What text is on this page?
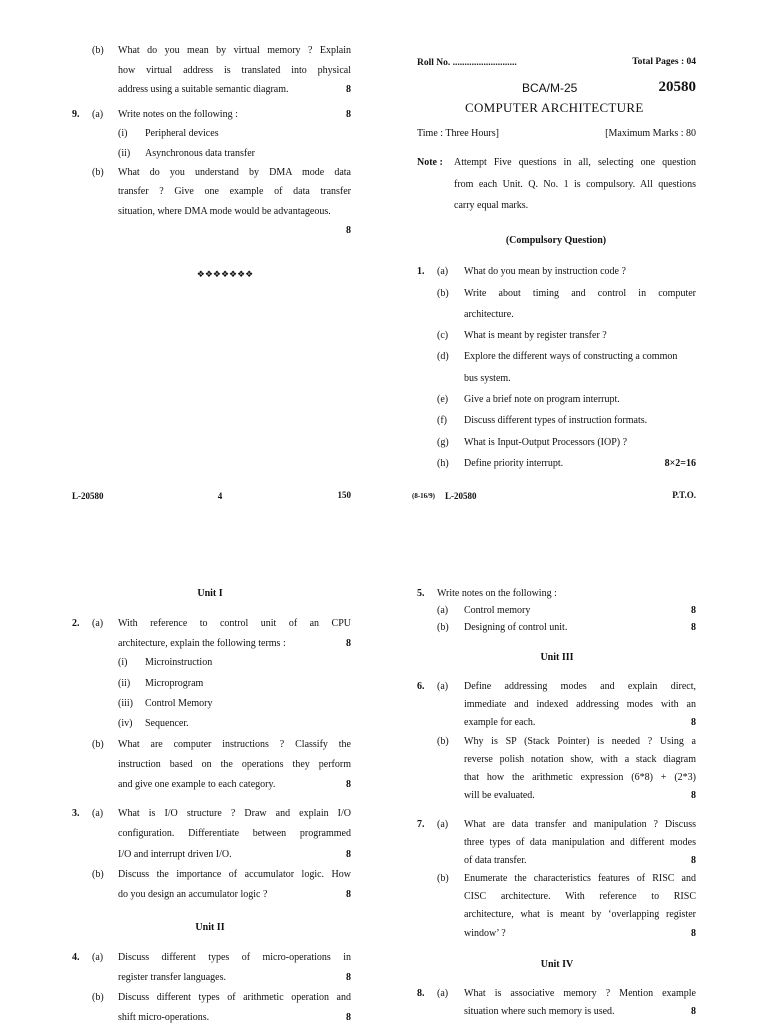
(b) What do you mean by virtual memory ? Explain
how virtual address is translated into physical
address using a suitable semantic diagram.	8
9. (a) Write notes on the following :	8
(i) Peripheral devices
(ii) Asynchronous data transfer
(b) What do you understand by DMA mode data
transfer ? Give one example of data transfer
situation, where DMA mode would be advantageous.
8
❖❖❖❖❖❖❖
L-20580	4	150
Roll No. ...........................	Total Pages : 04
BCA/M-25	20580
COMPUTER ARCHITECTURE
Time : Three Hours]	[Maximum Marks : 80
Note : Attempt Five questions in all, selecting one question
from each Unit. Q. No. 1 is compulsory. All questions
carry equal marks.
(Compulsory Question)
1. (a) What do you mean by instruction code ?
(b) Write about timing and control in computer
architecture.
(c) What is meant by register transfer ?
(d) Explore the different ways of constructing a common
bus system.
(e) Give a brief note on program interrupt.
(f) Discuss different types of instruction formats.
(g) What is Input-Output Processors (IOP) ?
(h) Define priority interrupt.	8×2=16
(8-16/9) L-20580	P.T.O.
Unit I
2. (a) With reference to control unit of an CPU
architecture, explain the following terms :	8
(i) Microinstruction
(ii) Microprogram
(iii) Control Memory
(iv) Sequencer.
(b) What are computer instructions ? Classify the
instruction based on the operations they perform
and give one example to each category.	8
3. (a) What is I/O structure ? Draw and explain I/O
configuration. Differentiate between programmed
I/O and interrupt driven I/O.	8
(b) Discuss the importance of accumulator logic. How
do you design an accumulator logic ?	8
Unit II
4. (a) Discuss different types of micro-operations in
register transfer languages.	8
(b) Discuss different types of arithmetic operation and
shift micro-operations.	8
5. Write notes on the following :
(a) Control memory	8
(b) Designing of control unit.	8
Unit III
6. (a) Define addressing modes and explain direct,
immediate and indexed addressing modes with an
example for each.	8
(b) Why is SP (Stack Pointer) is needed ? Using a
reverse polish notation show, with a stack diagram
that how the arithmetic expression (6*8) + (2*3)
will be evaluated.	8
7. (a) What are data transfer and manipulation ? Discuss
three types of data manipulation and different modes
of data transfer.	8
(b) Enumerate the characteristics features of RISC and
CISC architecture. With reference to RISC
architecture, what is meant by ‘overlapping register
window’ ?	8
Unit IV
8. (a) What is associative memory ? Mention example
situation where such memory is used.	8
